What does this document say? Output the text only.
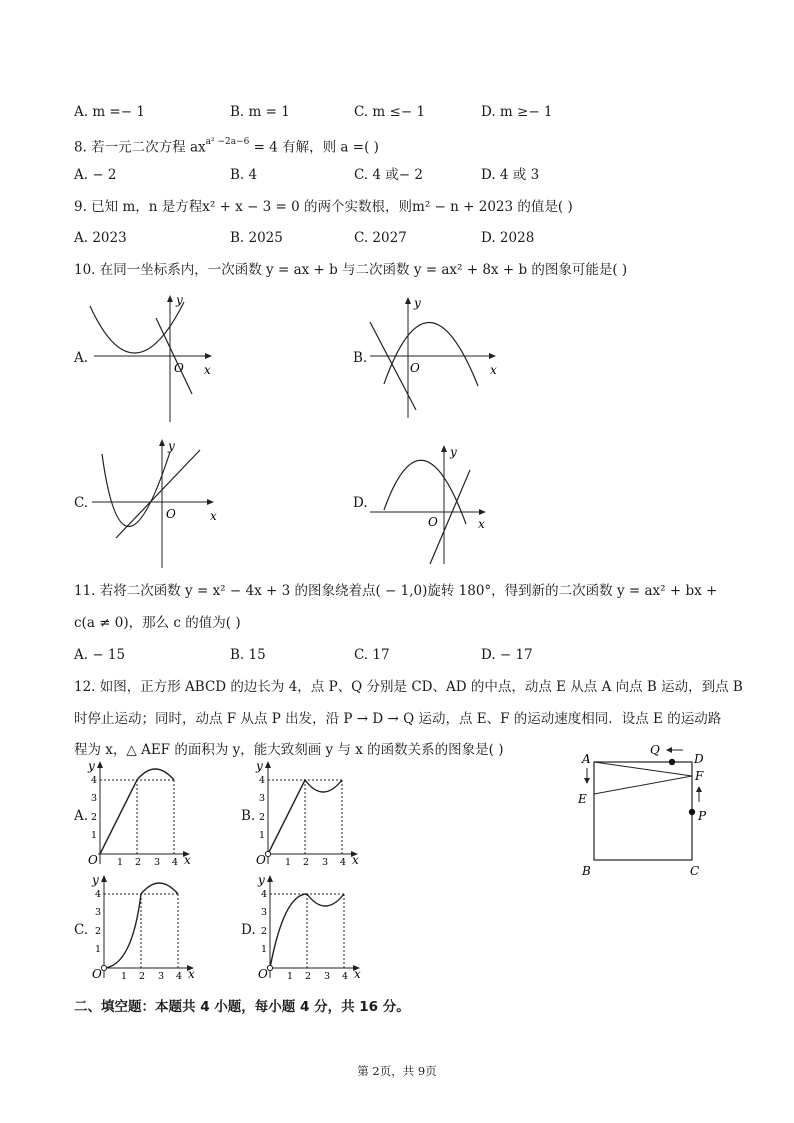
A. m =− 1	B. m = 1	C. m ≤− 1	D. m ≥− 1
8. 若一元二次方程 $ax^{a^2 -2a-6} = 4$ 有解，则 a =( )
A. − 2	B. 4	C. 4 或− 2	D. 4 或 3
9. 已知 m，n 是方程x² + x − 3 = 0 的两个实数根，则m² − n + 2023 的值是( )
A. 2023	B. 2025	C. 2027	D. 2028
10. 在同一坐标系内，一次函数 y = ax + b 与二次函数 y = ax² + 8x + b 的图象可能是( )
A.
y
x
O
B.
y
x
O
C.
y
x
O
D.
y
x
O
11. 若将二次函数 y = x² − 4x + 3 的图象绕着点( − 1,0)旋转 180°，得到新的二次函数 y = ax² + bx +
c(a ≠ 0)，那么 c 的值为( )
A. − 15	B. 15	C. 17	D. − 17
12. 如图，正方形 ABCD 的边长为 4，点 P、Q 分别是 CD、AD 的中点，动点 E 从点 A 向点 B 运动，到点 B
时停止运动；同时，动点 F 从点 P 出发，沿 P → D → Q 运动，点 E、F 的运动速度相同．设点 E 的运动路
程为 x，△ AEF 的面积为 y，能大致刻画 y 与 x 的函数关系的图象是( )
A.
1 2 3 4
1
2
3
4
O	x
y
B.
1 2 3 4
1
2
3
4
O	x
y
C.
1 2 3 4
1
2
3
4
O	x
y
D.
1 2 3 4
1
2
3
4
O	x
y
A
Q
D
F
E
P
B	C
二、填空题：本题共 4 小题，每小题 4 分，共 16 分。
第 2页，共 9页
